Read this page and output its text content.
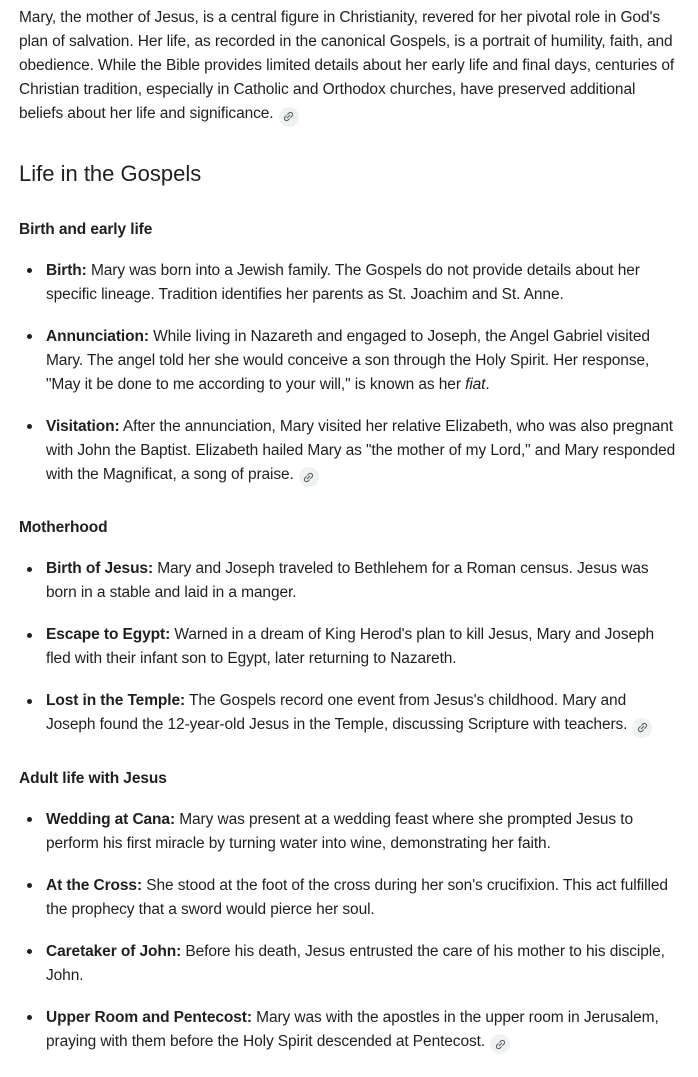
Mary, the mother of Jesus, is a central figure in Christianity, revered for her pivotal role in God's plan of salvation. Her life, as recorded in the canonical Gospels, is a portrait of humility, faith, and obedience. While the Bible provides limited details about her early life and final days, centuries of Christian tradition, especially in Catholic and Orthodox churches, have preserved additional beliefs about her life and significance.

Life in the Gospels
Birth and early life
Birth: Mary was born into a Jewish family. The Gospels do not provide details about her specific lineage. Tradition identifies her parents as St. Joachim and St. Anne.
Annunciation: While living in Nazareth and engaged to Joseph, the Angel Gabriel visited Mary. The angel told her she would conceive a son through the Holy Spirit. Her response, "May it be done to me according to your will," is known as her fiat.
Visitation: After the annunciation, Mary visited her relative Elizabeth, who was also pregnant with John the Baptist. Elizabeth hailed Mary as "the mother of my Lord," and Mary responded with the Magnificat, a song of praise.
Motherhood
Birth of Jesus: Mary and Joseph traveled to Bethlehem for a Roman census. Jesus was born in a stable and laid in a manger.
Escape to Egypt: Warned in a dream of King Herod's plan to kill Jesus, Mary and Joseph fled with their infant son to Egypt, later returning to Nazareth.
Lost in the Temple: The Gospels record one event from Jesus's childhood. Mary and Joseph found the 12-year-old Jesus in the Temple, discussing Scripture with teachers.
Adult life with Jesus
Wedding at Cana: Mary was present at a wedding feast where she prompted Jesus to perform his first miracle by turning water into wine, demonstrating her faith.
At the Cross: She stood at the foot of the cross during her son's crucifixion. This act fulfilled the prophecy that a sword would pierce her soul.
Caretaker of John: Before his death, Jesus entrusted the care of his mother to his disciple, John.
Upper Room and Pentecost: Mary was with the apostles in the upper room in Jerusalem, praying with them before the Holy Spirit descended at Pentecost.
